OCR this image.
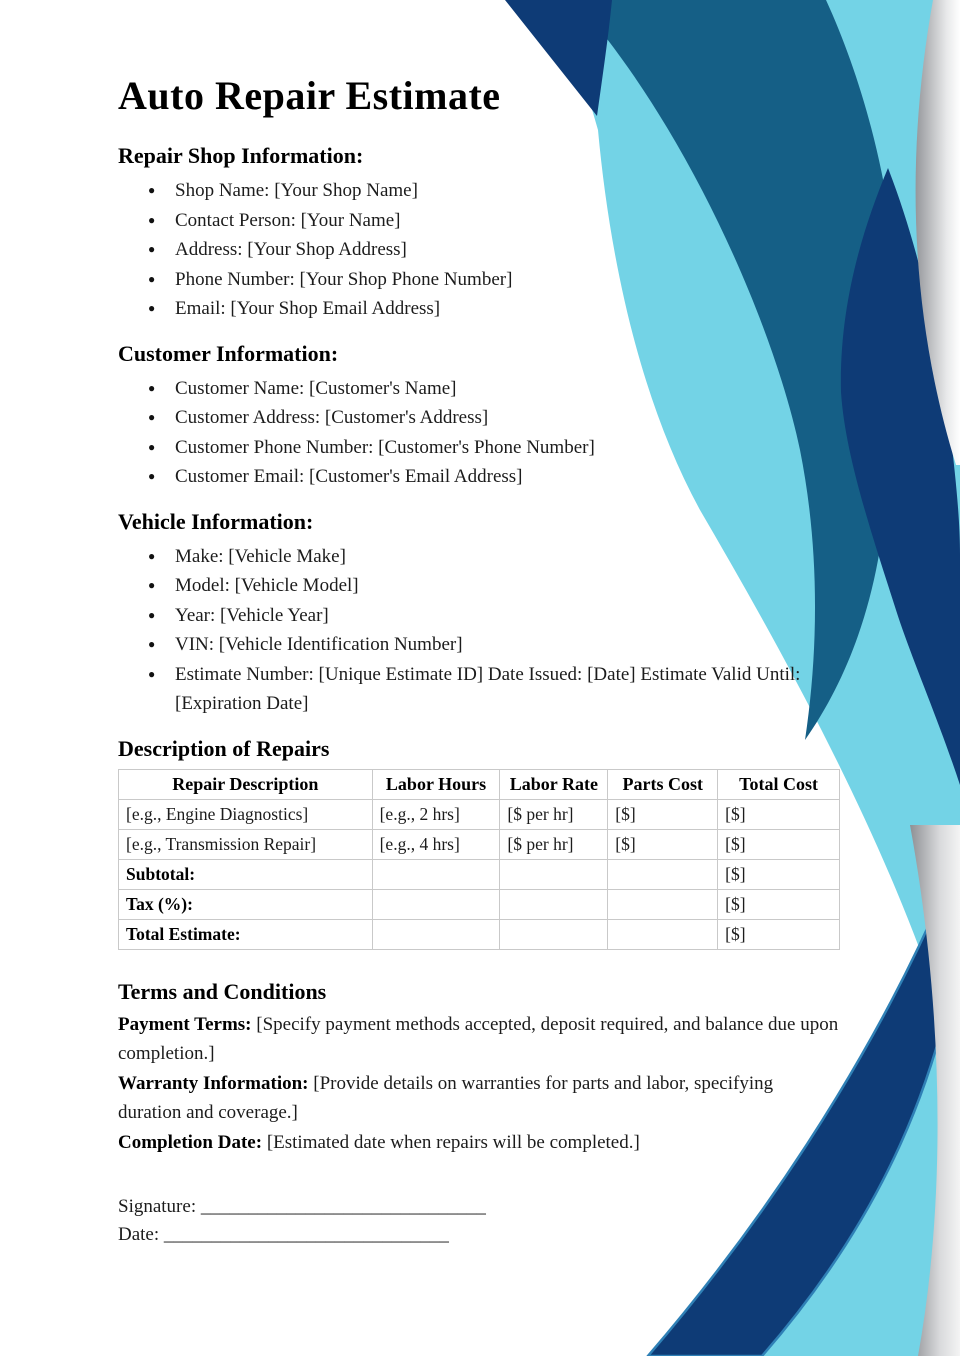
Auto Repair Estimate
Repair Shop Information:
● Shop Name: [Your Shop Name]
● Contact Person: [Your Name]
● Address: [Your Shop Address]
● Phone Number: [Your Shop Phone Number]
● Email: [Your Shop Email Address]
Customer Information:
● Customer Name: [Customer's Name]
● Customer Address: [Customer's Address]
● Customer Phone Number: [Customer's Phone Number]
● Customer Email: [Customer's Email Address]
Vehicle Information:
● Make: [Vehicle Make]
● Model: [Vehicle Model]
● Year: [Vehicle Year]
● VIN: [Vehicle Identification Number]
● Estimate Number: [Unique Estimate ID] Date Issued: [Date] Estimate Valid Until: [Expiration Date]
Description of Repairs
Repair Description	Labor Hours	Labor Rate	Parts Cost	Total Cost
[e.g., Engine Diagnostics]	[e.g., 2 hrs]	[$ per hr]	[$]	[$]
[e.g., Transmission Repair]	[e.g., 4 hrs]	[$ per hr]	[$]	[$]
Subtotal:				[$]
Tax (%):				[$]
Total Estimate:				[$]
Terms and Conditions

Payment Terms: [Specify payment methods accepted, deposit required, and balance due upon completion.]

Warranty Information: [Provide details on warranties for parts and labor, specifying duration and coverage.]

Completion Date: [Estimated date when repairs will be completed.]

Signature: ______________________________
Date: ______________________________
